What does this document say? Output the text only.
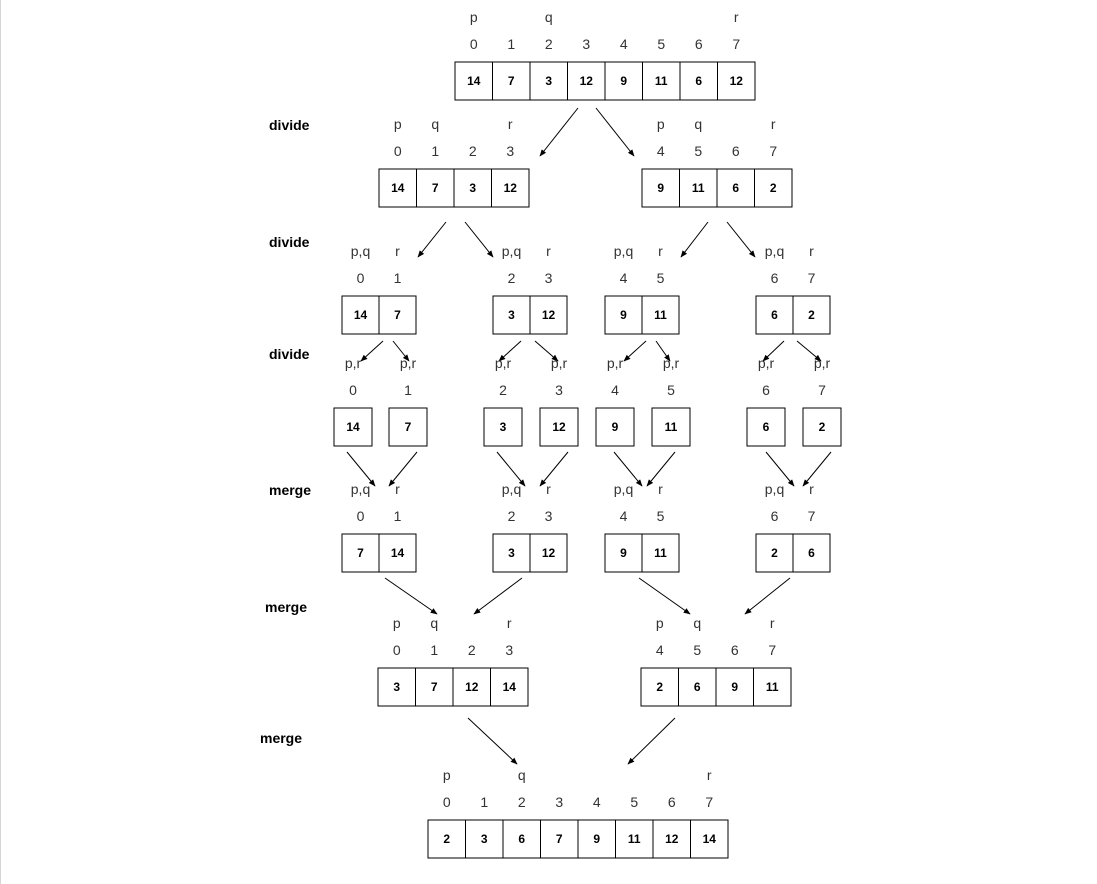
divide
divide
divide
merge
merge
merge
14 7	3 12 9 11 6 12
0 1 2 3 4 5 6 7
p	q	r
14 7	3 12
0 1 2 3
p q	r
9 11 6	2
4 5 6 7
p q	r
14 7
0 1
p,q r
3 12
2 3
p,q r
9 11
4 5
p,q r
6	2
6 7
p,q r
14
0
p,r
7
1
p,r
3
2
p,r
12
3
p,r
9
4
p,r
11
5
p,r
6
6
p,r
2
7
p,r
7 14
0 1
p,q r
3 12
2 3
p,q r
9 11
4 5
p,q r
2	6
6 7
p,q r
3	7 12 14
0 1 2 3
p q	r
2	6	9 11
4 5 6 7
p q	r
2	3	6	7	9 11 12 14
0 1 2 3 4 5 6 7
p	q	r
